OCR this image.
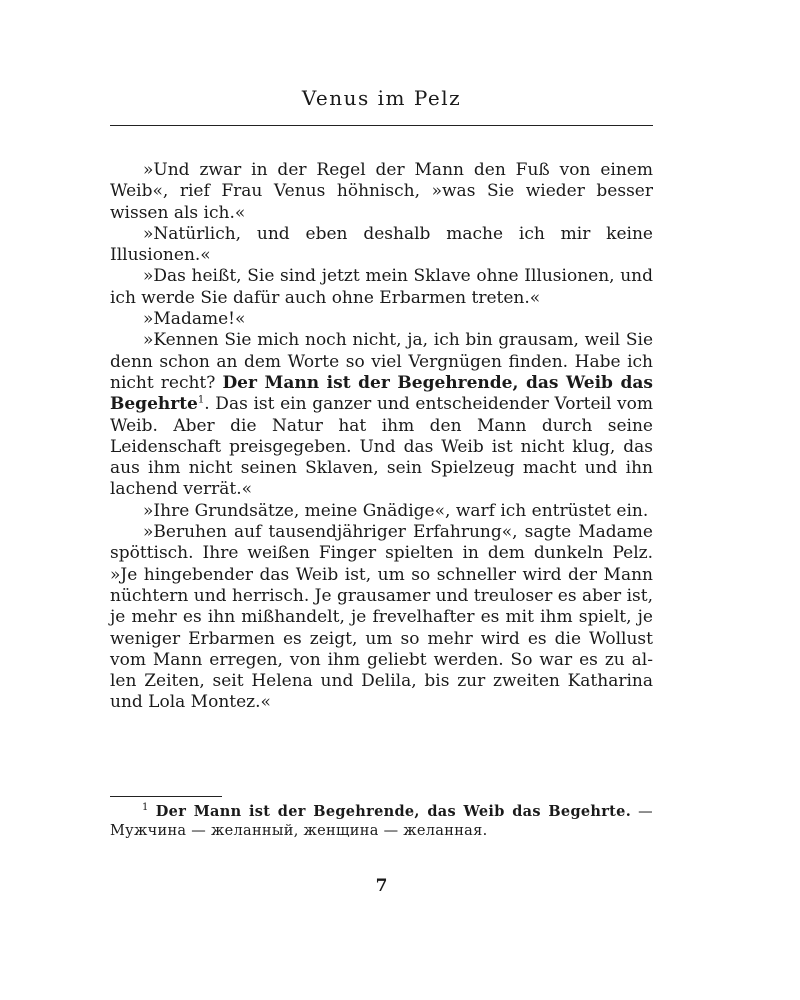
Venus im Pelz

»Und zwar in der Regel der Mann den Fuß von einem Weib«, rief Frau Venus höhnisch, »was Sie wieder besser wissen als ich.«

»Natürlich, und eben deshalb mache ich mir keine Illusionen.«

»Das heißt, Sie sind jetzt mein Sklave ohne Illusionen, und ich werde Sie dafür auch ohne Erbarmen treten.«

»Madame!«

»Kennen Sie mich noch nicht, ja, ich bin grausam, weil Sie denn schon an dem Worte so viel Vergnügen finden. Habe ich nicht recht? Der Mann ist der Begehrende, das Weib das Begehrte$^1$. Das ist ein ganzer und entscheidender Vorteil vom Weib. Aber die Natur hat ihm den Mann durch seine Leidenschaft preisgegeben. Und das Weib ist nicht klug, das aus ihm nicht seinen Sklaven, sein Spielzeug macht und ihn lachend verrät.«

»Ihre Grundsätze, meine Gnädige«, warf ich entrüstet ein.

»Beruhen auf tausendjähriger Erfahrung«, sagte Madame spöttisch. Ihre weißen Finger spielten in dem dunkeln Pelz. »Je hingebender das Weib ist, um so schneller wird der Mann nüchtern und herrisch. Je grausamer und treuloser es aber ist, je mehr es ihn mißhandelt, je frevelhafter es mit ihm spielt, je weniger Erbarmen es zeigt, um so mehr wird es die Wollust vom Mann erregen, von ihm geliebt werden. So war es zu allen Zeiten, seit Helena und Delila, bis zur zweiten Katharina und Lola Montez.«

$^1$ Der Mann ist der Begehrende, das Weib das Begehrte. — Мужчина — желанный, женщина — желанная.

7
